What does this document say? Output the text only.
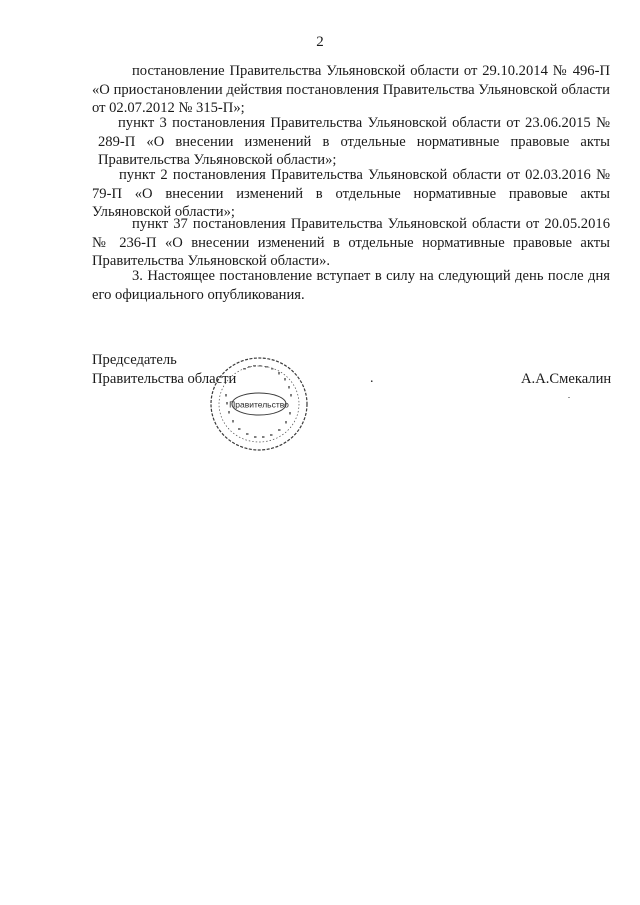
2

постановление Правительства Ульяновской области от 29.10.2014 № 496-П «О приостановлении действия постановления Правительства Ульяновской области от 02.07.2012 № 315-П»;

пункт 3 постановления Правительства Ульяновской области от 23.06.2015 № 289-П «О внесении изменений в отдельные нормативные правовые акты Правительства Ульяновской области»;

пункт 2 постановления Правительства Ульяновской области от 02.03.2016 № 79-П «О внесении изменений в отдельные нормативные правовые акты Ульяновской области»;

пункт 37 постановления Правительства Ульяновской области от 20.05.2016 № 236-П «О внесении изменений в отдельные нормативные правовые акты Правительства Ульяновской области».

3. Настоящее постановление вступает в силу на следующий день после дня его официального опубликования.

Председатель
Правительства области	.	А.А.Смекалин
Правительство
